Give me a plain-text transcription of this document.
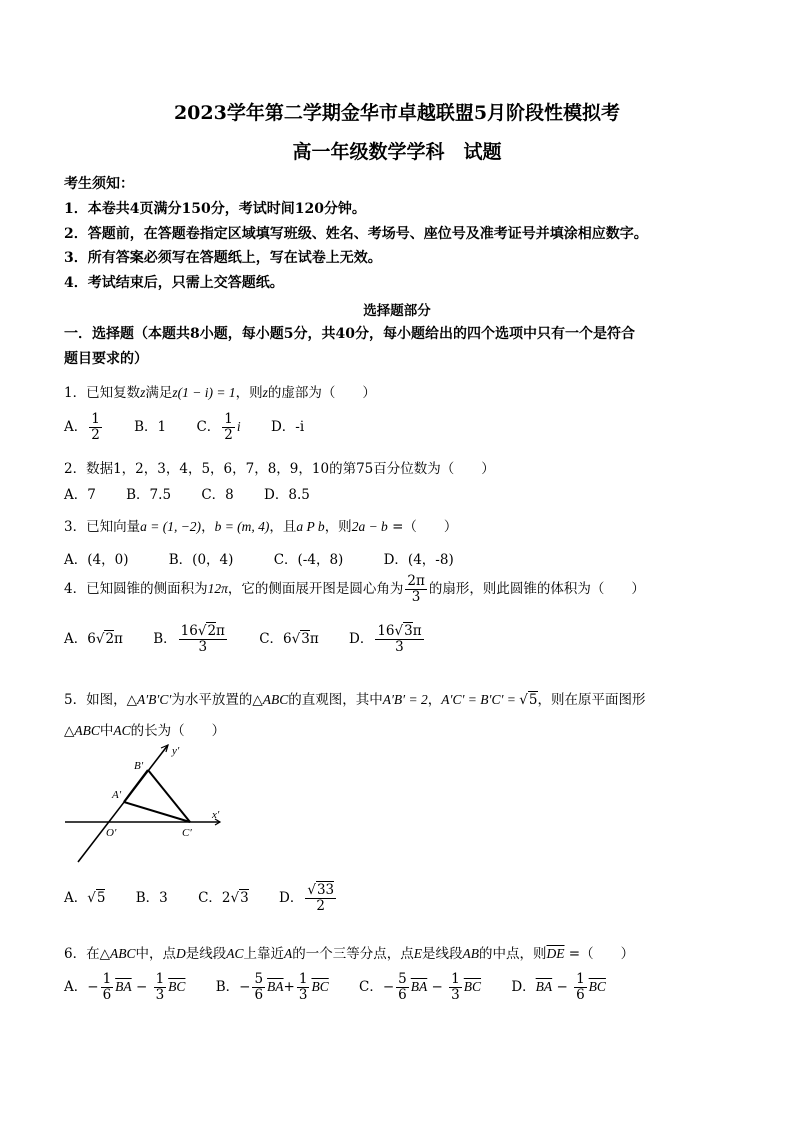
2023学年第二学期金华市卓越联盟5月阶段性模拟考
高一年级数学学科　试题
考生须知：
1．本卷共4页满分150分，考试时间120分钟。
2．答题前，在答题卷指定区域填写班级、姓名、考场号、座位号及准考证号并填涂相应数字。
3．所有答案必须写在答题纸上，写在试卷上无效。
4．考试结束后，只需上交答题纸。
选择题部分
一．选择题（本题共8小题，每小题5分，共40分，每小题给出的四个选项中只有一个是符合
题目要求的）
1．已知复数z满足z(1 − i) = 1，则z的虚部为（　　）
A． $\frac{1}{2}$ B．1 C． $\frac{1}{2}$ i D．-i
2．数据1，2，3，4，5，6，7，8，9，10的第75百分位数为（　　）
A．7 B．7.5 C．8 D．8.5
3．已知向量a = (1, −2)，b = (m, 4)，且a P b，则2a − b =（　　）
A．(4，0)	B．(0，4)	C．(-4，8)	D．(4，-8)
4．已知圆锥的侧面积为12π，它的侧面展开图是圆心角为 $\frac{2\pi}{3}$ 的扇形，则此圆锥的体积为（　　）
A．6√2π B． $\frac{16√2\pi}{3}$ C．6√3π D． $\frac{16√3\pi}{3}$
5．如图，△A′B′C′为水平放置的△ABC的直观图，其中A′B′ = 2，A′C′ = B′C′ = √5，则在原平面图形
△ABC中AC的长为（　　）
y′
x′
B′
A′
O′	C′
A．√5 B．3 C．2√3 D． $\frac{√33}{2}$
6．在△ABC中，点D是线段AC上靠近A的一个三等分点，点E是线段AB的中点，则$\overline{DE}$ =（　　）
A．− $\frac{1}{6} \overline{BA} - \frac{1}{3} \overline{BC}$ B．− $\frac{5}{6} \overline{BA}+ \frac{1}{3} \overline{BC}$ C．− $\frac{5}{6} \overline{BA} - \frac{1}{3} \overline{BC}$ D．$\overline{BA} - \frac{1}{6} \overline{BC}$
